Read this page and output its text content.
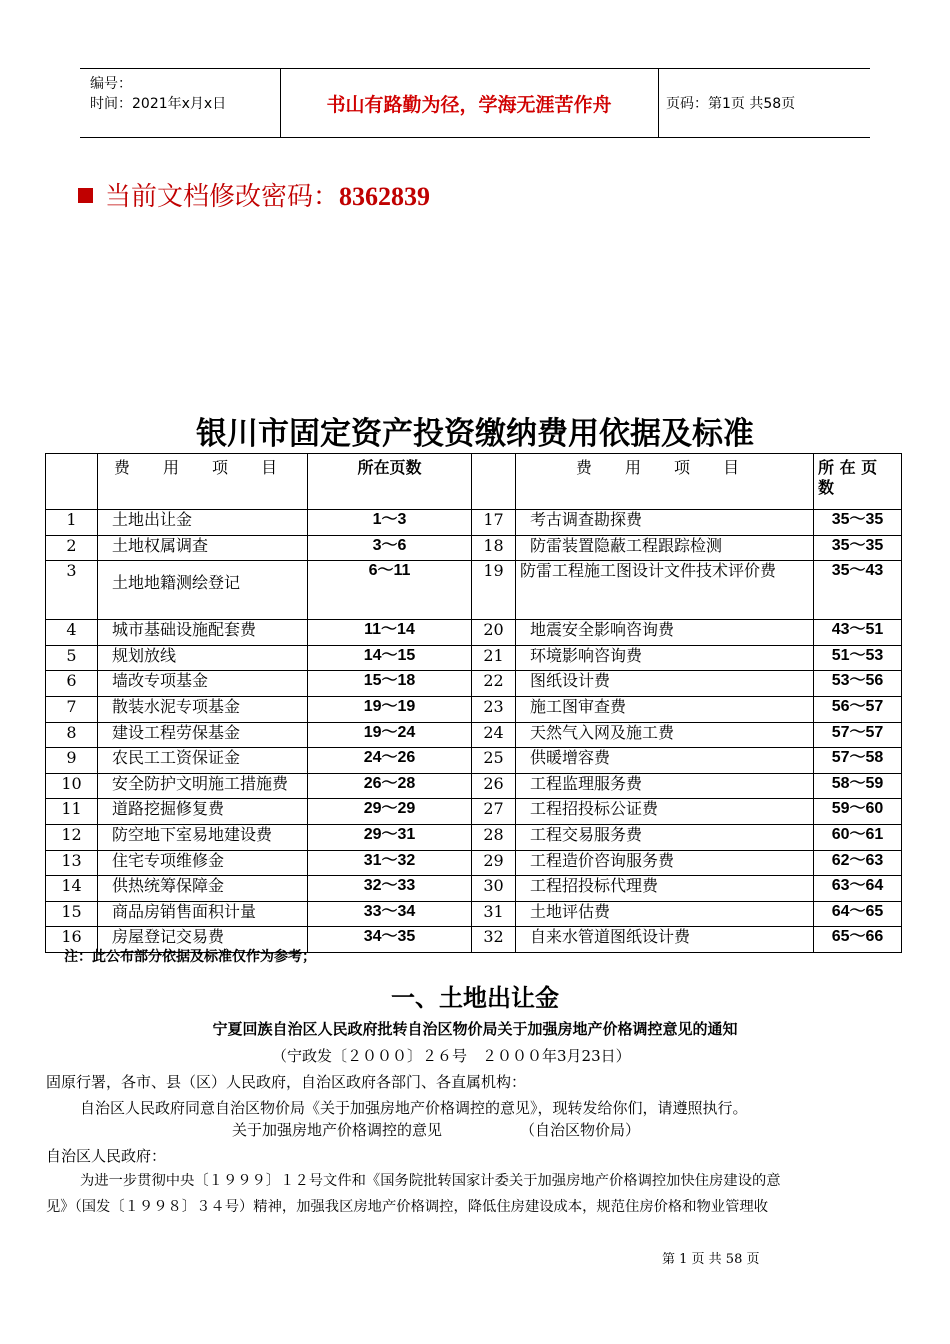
编号：
时间：2021年x月x日	书山有路勤为径，学海无涯苦作舟	页码：第1页 共58页
当前文档修改密码：8362839
银川市固定资产投资缴纳费用依据及标准
	费 用 项 目	所在页数		费 用 项 目	所 在 页 数
1	土地出让金	1～3	17	考古调查勘探费	35～35
2	土地权属调查	3～6	18	防雷装置隐蔽工程跟踪检测	35～35
3	土地地籍测绘登记	6～11	19	防雷工程施工图设计文件技术评价费	35～43
4	城市基础设施配套费	11～14	20	地震安全影响咨询费	43～51
5	规划放线	14～15	21	环境影响咨询费	51～53
6	墙改专项基金	15～18	22	图纸设计费	53～56
7	散装水泥专项基金	19～19	23	施工图审查费	56～57
8	建设工程劳保基金	19～24	24	天然气入网及施工费	57～57
9	农民工工资保证金	24～26	25	供暖增容费	57～58
10	安全防护文明施工措施费	26～28	26	工程监理服务费	58～59
11	道路挖掘修复费	29～29	27	工程招投标公证费	59～60
12	防空地下室易地建设费	29～31	28	工程交易服务费	60～61
13	住宅专项维修金	31～32	29	工程造价咨询服务费	62～63
14	供热统筹保障金	32～33	30	工程招投标代理费	63～64
15	商品房销售面积计量	33～34	31	土地评估费	64～65
16	房屋登记交易费	34～35	32	自来水管道图纸设计费	65～66
注：此公布部分依据及标准仅作为参考；
一、土地出让金
宁夏回族自治区人民政府批转自治区物价局关于加强房地产价格调控意见的通知
（宁政发〔２０００〕２６号　２０００年3月23日）
固原行署，各市、县（区）人民政府，自治区政府各部门、各直属机构：
自治区人民政府同意自治区物价局《关于加强房地产价格调控的意见》，现转发给你们，请遵照执行。
关于加强房地产价格调控的意见	（自治区物价局）
自治区人民政府：
为进一步贯彻中央〔１９９９〕１２号文件和《国务院批转国家计委关于加强房地产价格调控加快住房建设的意
见》（国发〔１９９８〕３４号）精神，加强我区房地产价格调控，降低住房建设成本，规范住房价格和物业管理收
第 1 页 共 58 页
